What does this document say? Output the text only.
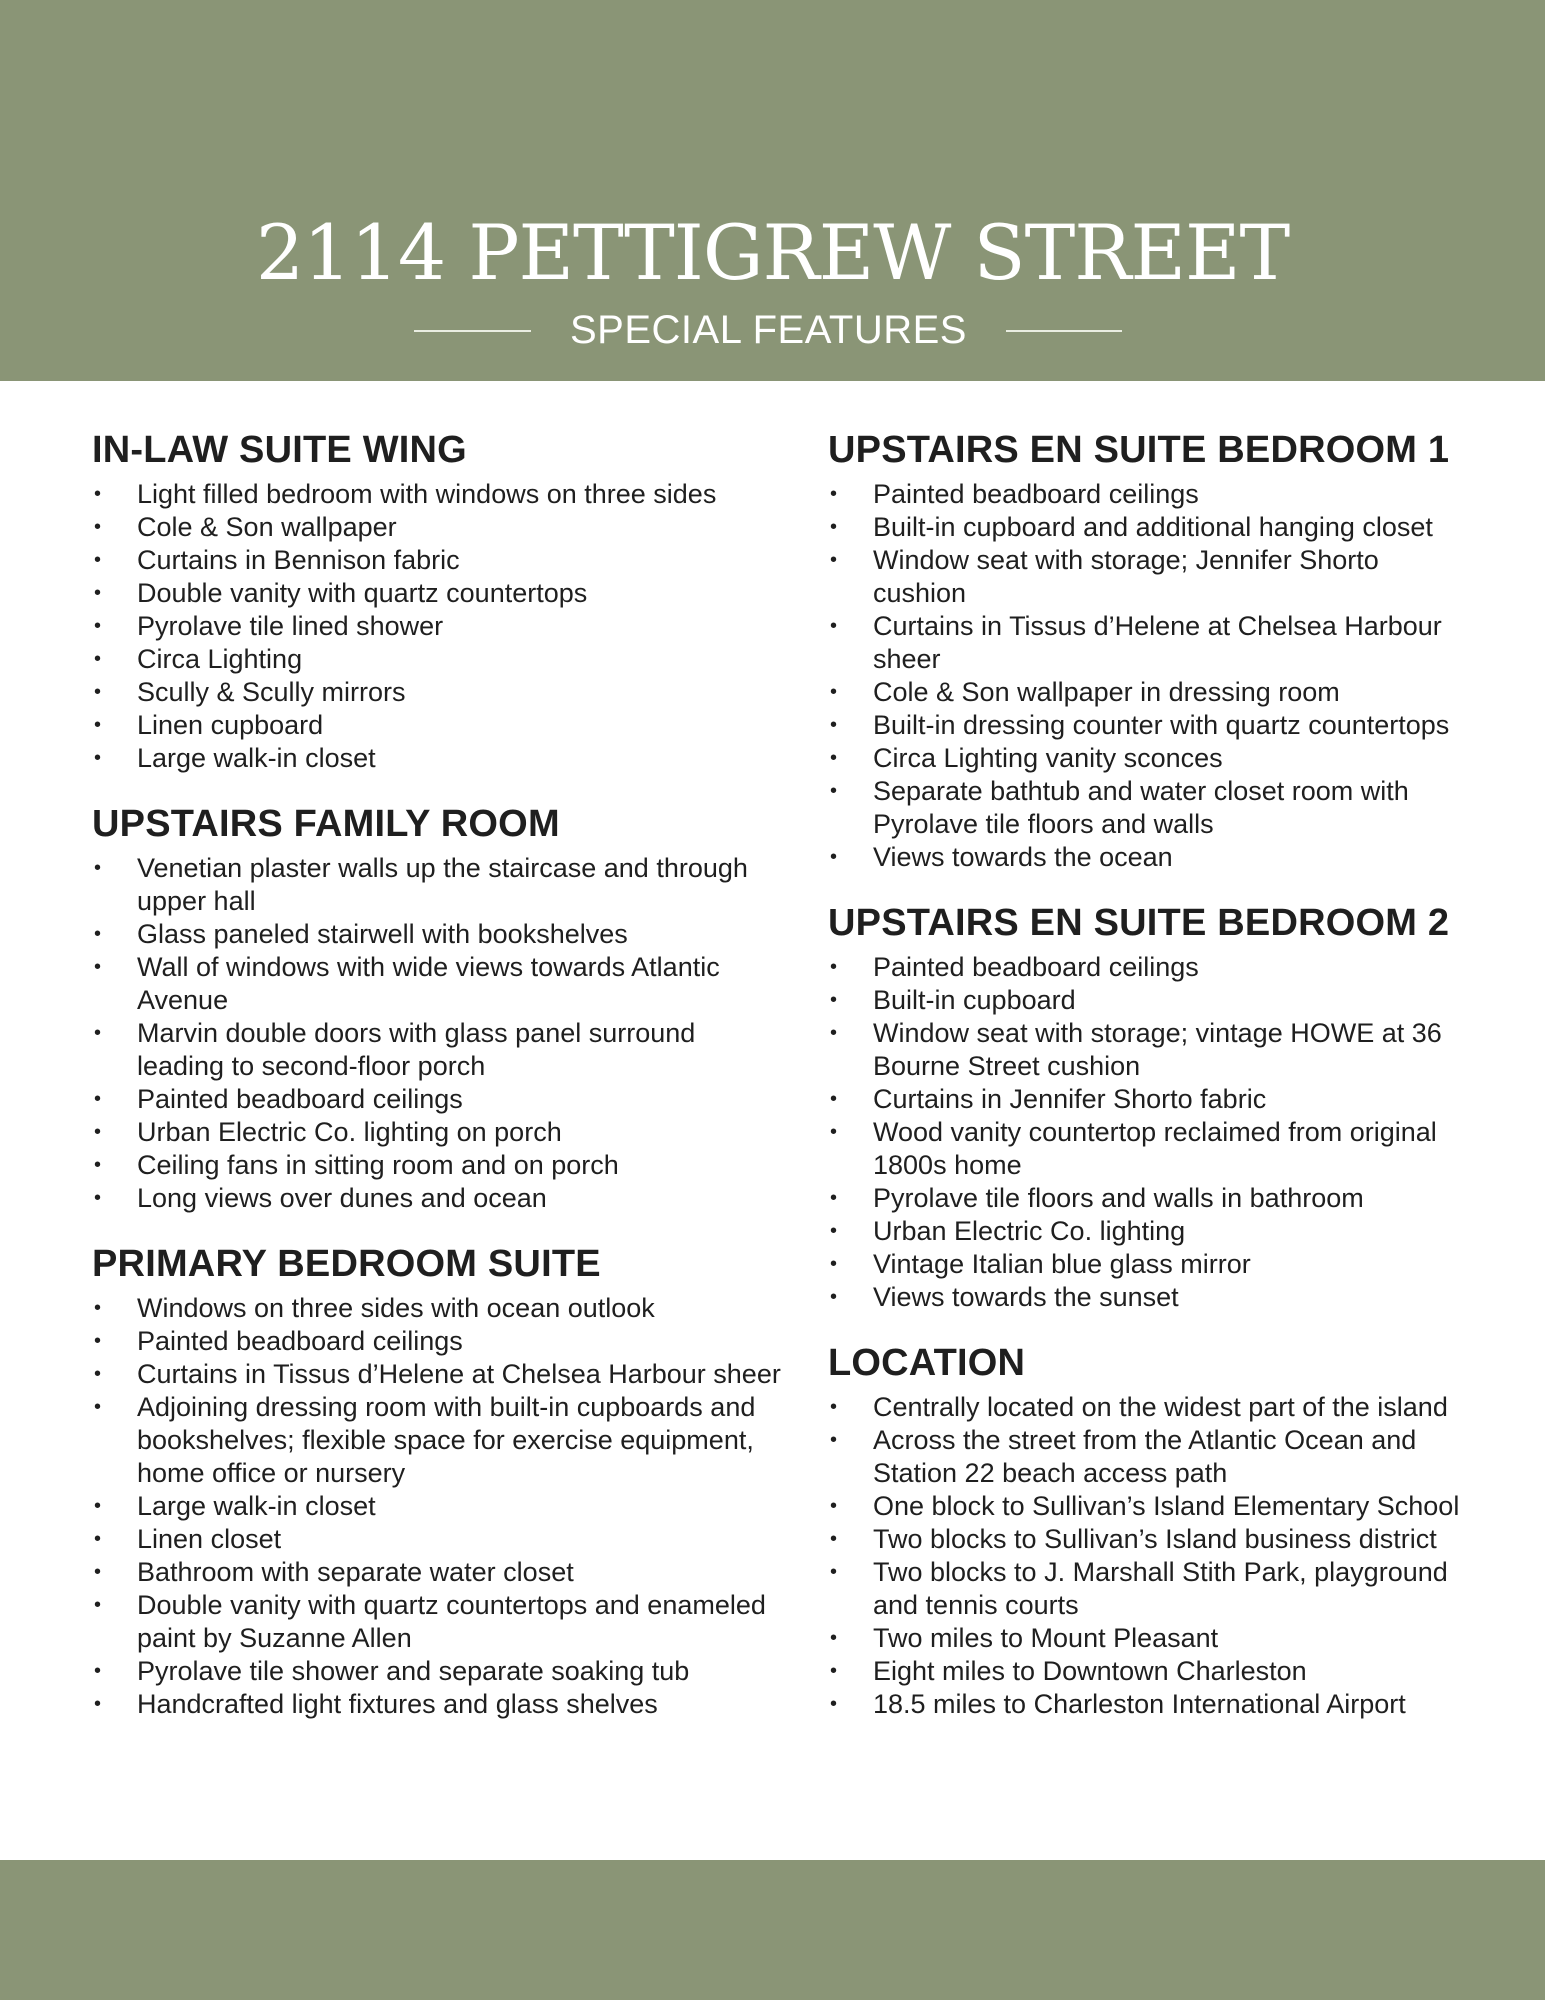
2114 PETTIGREW STREET
SPECIAL FEATURES
IN-LAW SUITE WING
• Light filled bedroom with windows on three sides
• Cole & Son wallpaper
• Curtains in Bennison fabric
• Double vanity with quartz countertops
• Pyrolave tile lined shower
• Circa Lighting
• Scully & Scully mirrors
• Linen cupboard
• Large walk-in closet
UPSTAIRS FAMILY ROOM
• Venetian plaster walls up the staircase and through upper hall
• Glass paneled stairwell with bookshelves
• Wall of windows with wide views towards Atlantic Avenue
• Marvin double doors with glass panel surround leading to second-floor porch
• Painted beadboard ceilings
• Urban Electric Co. lighting on porch
• Ceiling fans in sitting room and on porch
• Long views over dunes and ocean
PRIMARY BEDROOM SUITE
• Windows on three sides with ocean outlook
• Painted beadboard ceilings
• Curtains in Tissus d’Helene at Chelsea Harbour sheer
• Adjoining dressing room with built-in cupboards and bookshelves; flexible space for exercise equipment, home office or nursery
• Large walk-in closet
• Linen closet
• Bathroom with separate water closet
• Double vanity with quartz countertops and enameled paint by Suzanne Allen
• Pyrolave tile shower and separate soaking tub
• Handcrafted light fixtures and glass shelves
UPSTAIRS EN SUITE BEDROOM 1
• Painted beadboard ceilings
• Built-in cupboard and additional hanging closet
• Window seat with storage; Jennifer Shorto cushion
• Curtains in Tissus d’Helene at Chelsea Harbour sheer
• Cole & Son wallpaper in dressing room
• Built-in dressing counter with quartz countertops
• Circa Lighting vanity sconces
• Separate bathtub and water closet room with Pyrolave tile floors and walls
• Views towards the ocean
UPSTAIRS EN SUITE BEDROOM 2
• Painted beadboard ceilings
• Built-in cupboard
• Window seat with storage; vintage HOWE at 36 Bourne Street cushion
• Curtains in Jennifer Shorto fabric
• Wood vanity countertop reclaimed from original 1800s home
• Pyrolave tile floors and walls in bathroom
• Urban Electric Co. lighting
• Vintage Italian blue glass mirror
• Views towards the sunset
LOCATION
• Centrally located on the widest part of the island
• Across the street from the Atlantic Ocean and Station 22 beach access path
• One block to Sullivan’s Island Elementary School
• Two blocks to Sullivan’s Island business district
• Two blocks to J. Marshall Stith Park, playground and tennis courts
• Two miles to Mount Pleasant
• Eight miles to Downtown Charleston
• 18.5 miles to Charleston International Airport
